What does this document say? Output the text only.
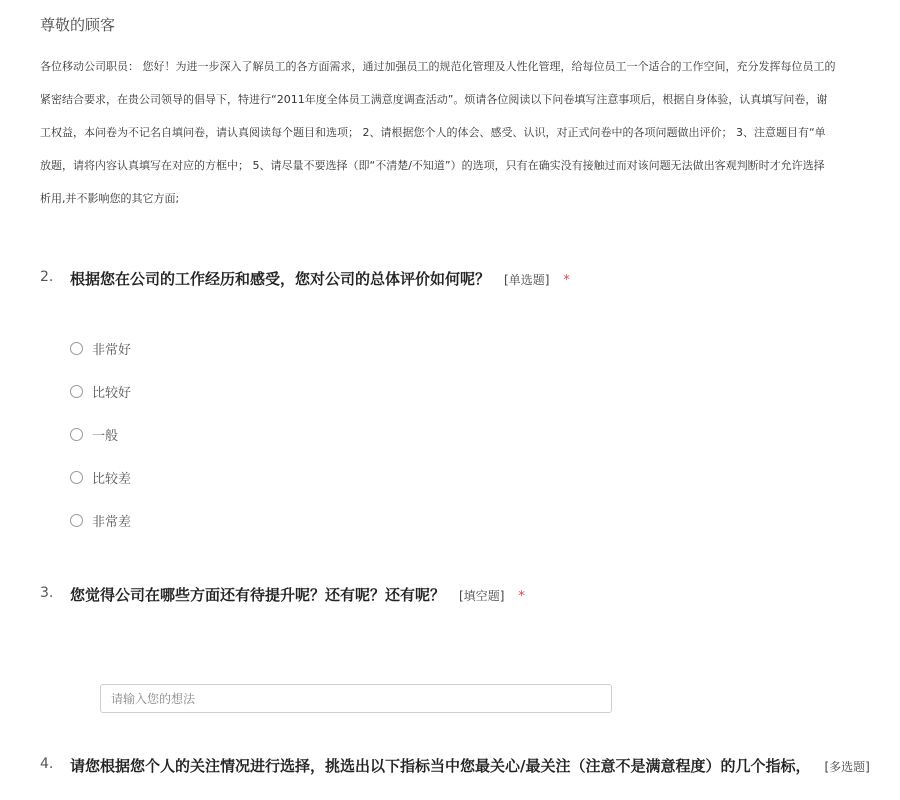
尊敬的顾客
各位移动公司职员： 您好！为进一步深入了解员工的各方面需求，通过加强员工的规范化管理及人性化管理，给每位员工一个适合的工作空间，充分发挥每位员工的
紧密结合要求，在贵公司领导的倡导下，特进行“2011年度全体员工满意度调查活动”。烦请各位阅读以下问卷填写注意事项后，根据自身体验，认真填写问卷，谢
工权益，本问卷为不记名自填问卷，请认真阅读每个题目和选项； 2、请根据您个人的体会、感受、认识，对正式问卷中的各项问题做出评价； 3、注意题目有“单
放题，请将内容认真填写在对应的方框中； 5、请尽量不要选择（即“不清楚/不知道”）的选项，只有在确实没有接触过而对该问题无法做出客观判断时才允许选择
析用,并不影响您的其它方面;
2. 根据您在公司的工作经历和感受，您对公司的总体评价如何呢？ [单选题] *
非常好
比较好
一般
比较差
非常差
3. 您觉得公司在哪些方面还有待提升呢？还有呢？还有呢？ [填空题] *
请输入您的想法
4. 请您根据您个人的关注情况进行选择，挑选出以下指标当中您最关心/最关注（注意不是满意程度）的几个指标， [多选题]
